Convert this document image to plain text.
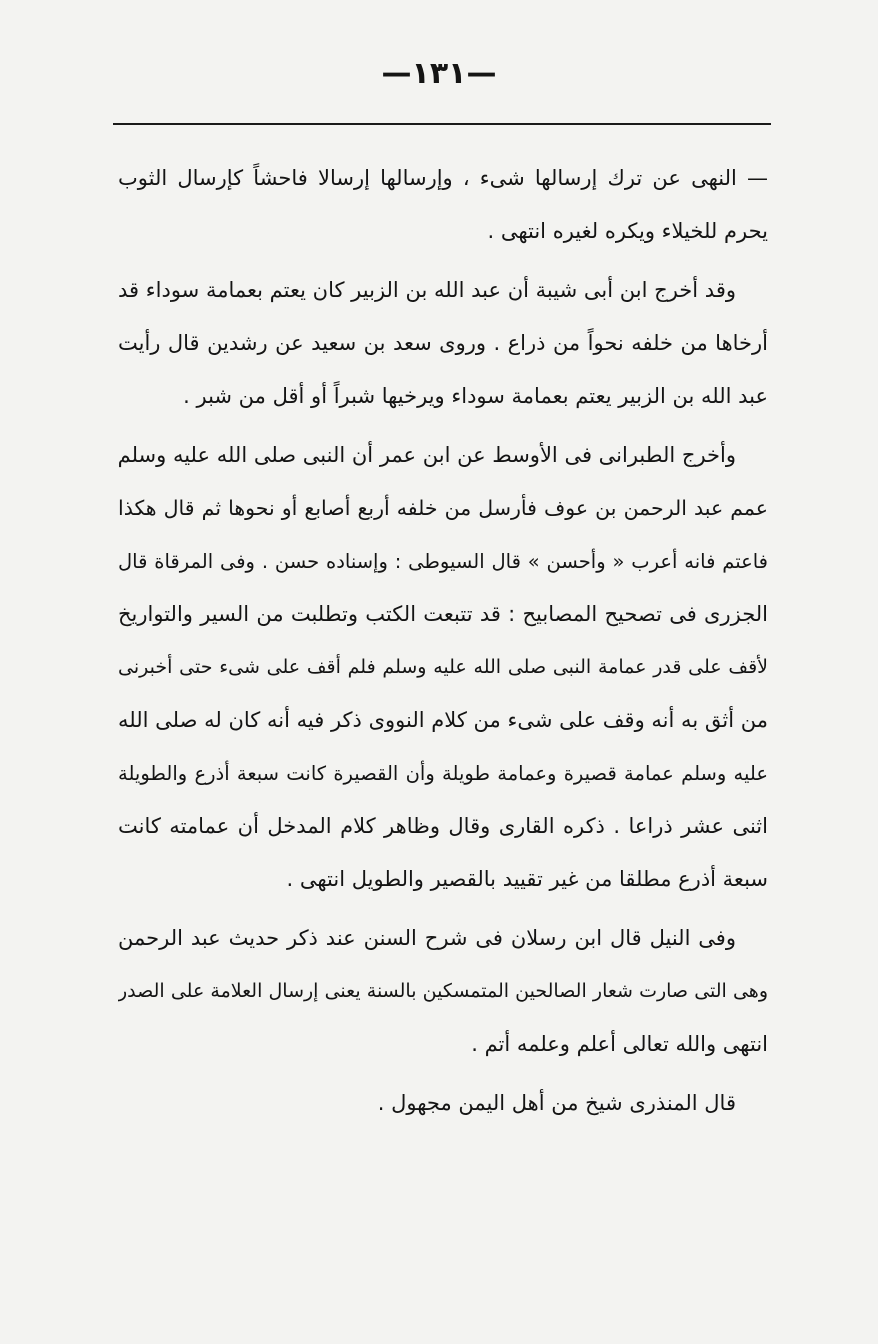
—١٣١—
— النهى عن ترك إرسالها شىء ، وإرسالها إرسالا فاحشاً كإرسال الثوب
يحرم للخيلاء ويكره لغيره انتهى .
وقد أخرج ابن أبى شيبة أن عبد الله بن الزبير كان يعتم بعمامة سوداء قد
أرخاها من خلفه نحواً من ذراع . وروى سعد بن سعيد عن رشدين قال رأيت
عبد الله بن الزبير يعتم بعمامة سوداء ويرخيها شبراً أو أقل من شبر .
وأخرج الطبرانى فى الأوسط عن ابن عمر أن النبى صلى الله عليه وسلم
عمم عبد الرحمن بن عوف فأرسل من خلفه أربع أصابع أو نحوها ثم قال هكذا
فاعتم فانه أعرب « وأحسن » قال السيوطى : وإسناده حسن . وفى المرقاة قال
الجزرى فى تصحيح المصابيح : قد تتبعت الكتب وتطلبت من السير والتواريخ
لأقف على قدر عمامة النبى صلى الله عليه وسلم فلم أقف على شىء حتى أخبرنى
من أثق به أنه وقف على شىء من كلام النووى ذكر فيه أنه كان له صلى الله
عليه وسلم عمامة قصيرة وعمامة طويلة وأن القصيرة كانت سبعة أذرع والطويلة
اثنى عشر ذراعا . ذكره القارى وقال وظاهر كلام المدخل أن عمامته كانت
سبعة أذرع مطلقا من غير تقييد بالقصير والطويل انتهى .
وفى النيل قال ابن رسلان فى شرح السنن عند ذكر حديث عبد الرحمن
وهى التى صارت شعار الصالحين المتمسكين بالسنة يعنى إرسال العلامة على الصدر
انتهى والله تعالى أعلم وعلمه أتم .
قال المنذرى شيخ من أهل اليمن مجهول .
